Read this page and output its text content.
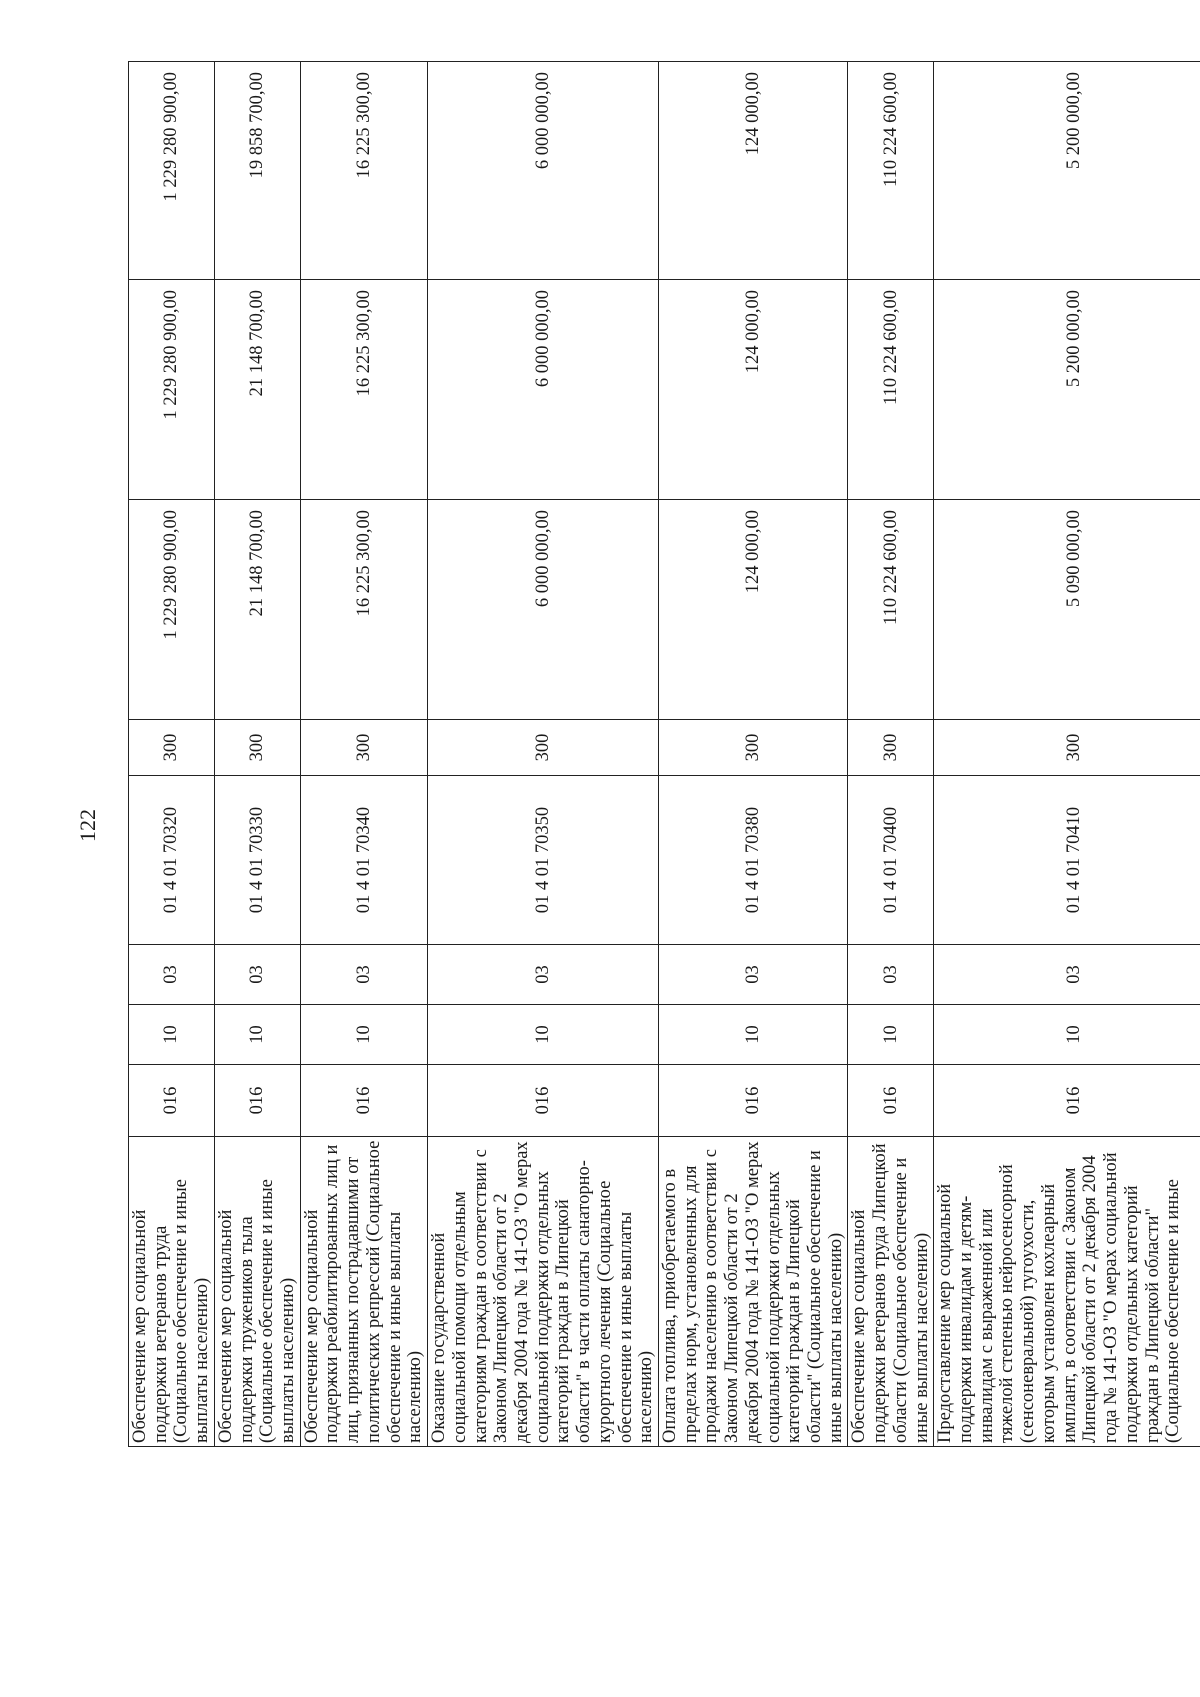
122
Обеспечение мер социальной поддержки ветеранов труда (Социальное обеспечение и иные выплаты населению)	016	10	03	01 4 01 70320	300	1 229 280 900,00	1 229 280 900,00	1 229 280 900,00
Обеспечение мер социальной поддержки тружеников тыла (Социальное обеспечение и иные выплаты населению)	016	10	03	01 4 01 70330	300	21 148 700,00	21 148 700,00	19 858 700,00
Обеспечение мер социальной поддержки реабилитированных лиц и лиц, признанных пострадавшими от политических репрессий (Социальное обеспечение и иные выплаты населению)	016	10	03	01 4 01 70340	300	16 225 300,00	16 225 300,00	16 225 300,00
Оказание государственной социальной помощи отдельным категориям граждан в соответствии с Законом Липецкой области от 2 декабря 2004 года № 141-ОЗ "О мерах социальной поддержки отдельных категорий граждан в Липецкой области" в части оплаты санаторно-курортного лечения (Социальное обеспечение и иные выплаты населению)	016	10	03	01 4 01 70350	300	6 000 000,00	6 000 000,00	6 000 000,00
Оплата топлива, приобретаемого в пределах норм, установленных для продажи населению в соответствии с Законом Липецкой области от 2 декабря 2004 года № 141-ОЗ "О мерах социальной поддержки отдельных категорий граждан в Липецкой области" (Социальное обеспечение и иные выплаты населению)	016	10	03	01 4 01 70380	300	124 000,00	124 000,00	124 000,00
Обеспечение мер социальной поддержки ветеранов труда Липецкой области (Социальное обеспечение и иные выплаты населению)	016	10	03	01 4 01 70400	300	110 224 600,00	110 224 600,00	110 224 600,00
Предоставление мер социальной поддержки инвалидам и детям-инвалидам с выраженной или тяжелой степенью нейросенсорной (сенсоневральной) тугоухости, которым установлен кохлеарный имплант, в соответствии с Законом Липецкой области от 2 декабря 2004 года № 141-ОЗ "О мерах социальной поддержки отдельных категорий граждан в Липецкой области" (Социальное обеспечение и иные	016	10	03	01 4 01 70410	300	5 090 000,00	5 200 000,00	5 200 000,00
